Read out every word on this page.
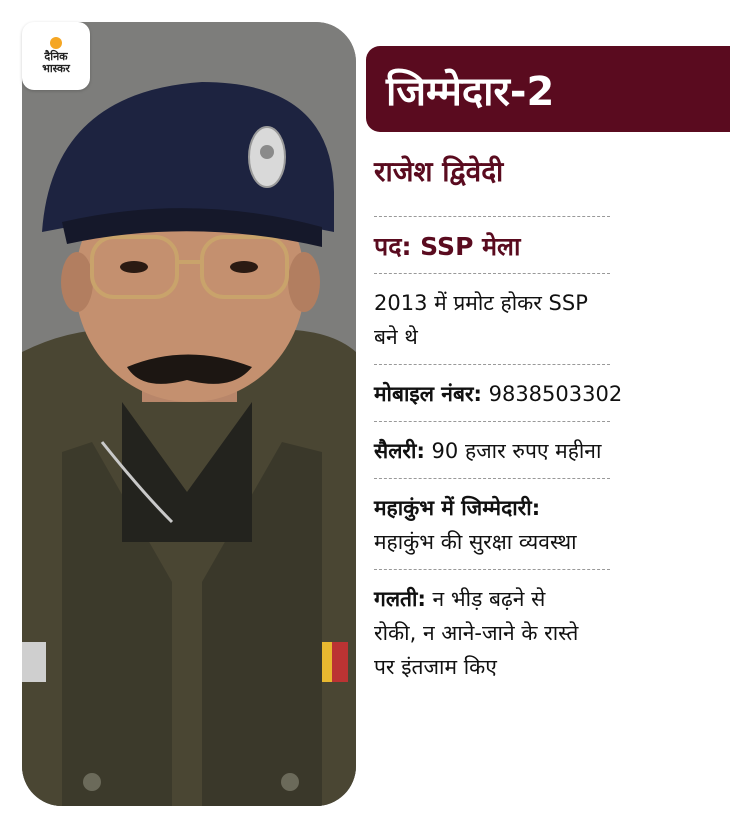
दैनिक
भास्कर	जिम्मेदार-2
राजेश द्विवेदी
पद: SSP मेला
2013 में प्रमोट होकर SSP
बने थे
मोबाइल नंबर: 9838503302
सैलरी: 90 हजार रुपए महीना
महाकुंभ में जिम्मेदारी:
महाकुंभ की सुरक्षा व्यवस्था
गलती: न भीड़ बढ़ने से
रोकी, न आने-जाने के रास्ते
पर इंतजाम किए
